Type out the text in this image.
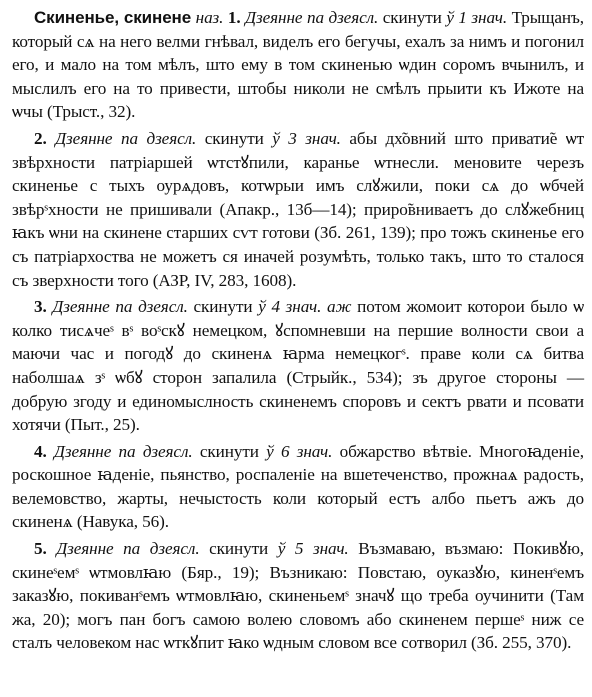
Скиненье, скинене наз. 1. Дзеянне па дзеясл. скинути ў 1 знач. Трыщанъ, который сѧ на него велми гнѣвал, виделъ его бегучы, ехалъ за нимъ и погонил его, и мало на том мѣлъ, што ему в том скиненью ѡдин соромъ вчынилъ, и мыслилъ его на то привести, штобы николи не смѣлъ прыити къ Ижоте на ѡчы (Трыст., 32).

2. Дзеянне па дзеясл. скинути ў 3 знач. абы дх̃овний што привати̃е ѡт звѣрхности патріаршей ѡтстꙋпили, караньe ѡтнесли. меновите черезъ скиненье с тыхъ оурѧдовъ, котѡрыи имъ слꙋжили, поки сѧ до ѡбчей звѣрˢхности не пришивали (Апакр., 13б—14); приро̃вниваетъ до слꙋжебниц ꙗкъ ѡни на скинене старших сѵт готови (Зб. 261, 139); про тожъ скиненье его съ патріархоства не можетъ ся иначей розумѣть, только такъ, што то сталося съ зверхности того (АЗР, IV, 283, 1608).

3. Дзеянне па дзеясл. скинути ў 4 знач. аж потом жомоит которои было ѡ колко тисѧчеˢ вˢ воˢскꙋ немецком, ꙋспомневши на першие волности свои а маючи час и погодꙋ до скиненѧ ꙗрма немецкогˢ. праве коли сѧ битва наболшаѧ зˢ ѡбꙋ сторон запалила (Стрыйк., 534); зъ другое стороны — добрую згоду и единомыслность скиненемъ споровъ и сектъ рвати и псовати хотячи (Пыт., 25).

4. Дзеянне па дзеясл. скинути ў 6 знач. обжарство вѣтвіе. Многоꙗденіе, роскошное ꙗденіе, пьянство, роспаленіе на вшетеченство, прожнаѧ радость, велемовство, жарты, нечыстость коли который естъ албо пьетъ ажъ до скиненѧ (Навука, 56).

5. Дзеянне па дзеясл. скинути ў 5 знач. Възмаваю, възмаю: Покивꙋю, скинеˢемˢ ѡтмовлꙗю (Бяр., 19); Възникаю: Повстаю, оуказꙋю, киненˢемъ заказꙋю, покиванˢемъ ѡтмовлꙗю, скиненьемˢ значꙋ що треба оучинити (Там жа, 20); могъ пан богъ самою волею словомъ або скиненем першеˢ ниж се сталъ человеком нас ѡткꙋпит ꙗко ѡдным словом все сотворил (Зб. 255, 370).
